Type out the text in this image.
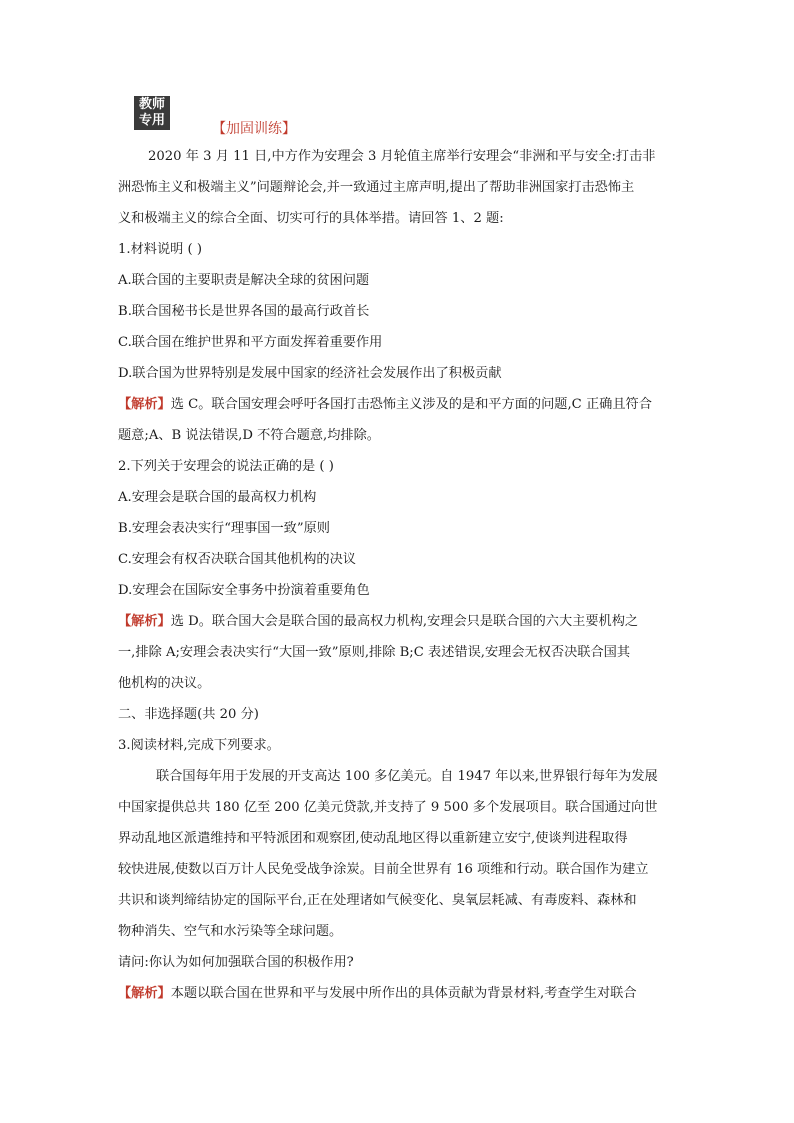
教师
专用
【加固训练】
2020 年 3 月 11 日,中方作为安理会 3 月轮值主席举行安理会“非洲和平与安全:打击非
洲恐怖主义和极端主义”问题辩论会,并一致通过主席声明,提出了帮助非洲国家打击恐怖主
义和极端主义的综合全面、切实可行的具体举措。请回答 1、2 题:
1.材料说明 ( )
A.联合国的主要职责是解决全球的贫困问题
B.联合国秘书长是世界各国的最高行政首长
C.联合国在维护世界和平方面发挥着重要作用
D.联合国为世界特别是发展中国家的经济社会发展作出了积极贡献
【解析】选 C。联合国安理会呼吁各国打击恐怖主义涉及的是和平方面的问题,C 正确且符合
题意;A、B 说法错误,D 不符合题意,均排除。
2.下列关于安理会的说法正确的是 ( )
A.安理会是联合国的最高权力机构
B.安理会表决实行“理事国一致”原则
C.安理会有权否决联合国其他机构的决议
D.安理会在国际安全事务中扮演着重要角色
【解析】选 D。联合国大会是联合国的最高权力机构,安理会只是联合国的六大主要机构之
一,排除 A;安理会表决实行“大国一致”原则,排除 B;C 表述错误,安理会无权否决联合国其
他机构的决议。
二、非选择题(共 20 分)
3.阅读材料,完成下列要求。
联合国每年用于发展的开支高达 100 多亿美元。自 1947 年以来,世界银行每年为发展
中国家提供总共 180 亿至 200 亿美元贷款,并支持了 9 500 多个发展项目。联合国通过向世
界动乱地区派遣维持和平特派团和观察团,使动乱地区得以重新建立安宁,使谈判进程取得
较快进展,使数以百万计人民免受战争涂炭。目前全世界有 16 项维和行动。联合国作为建立
共识和谈判缔结协定的国际平台,正在处理诸如气候变化、臭氧层耗减、有毒废料、森林和
物种消失、空气和水污染等全球问题。
请问:你认为如何加强联合国的积极作用?
【解析】本题以联合国在世界和平与发展中所作出的具体贡献为背景材料,考查学生对联合
